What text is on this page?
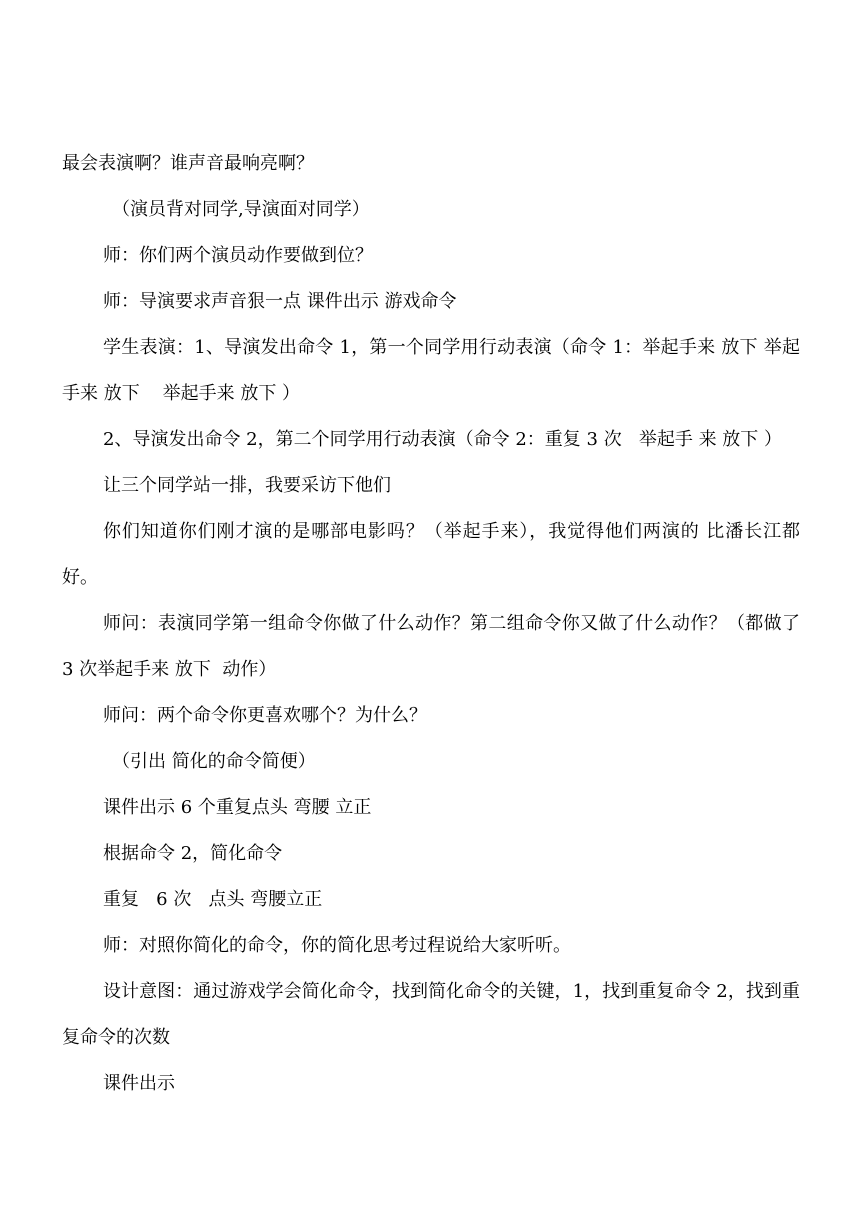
最会表演啊？谁声音最响亮啊？

（演员背对同学,导演面对同学）

师：你们两个演员动作要做到位？

师：导演要求声音狠一点 课件出示 游戏命令

学生表演：1、导演发出命令 1，第一个同学用行动表演（命令 1：举起手来 放下 举起手来 放下    举起手来 放下 ）

2、导演发出命令 2，第二个同学用行动表演（命令 2：重复 3 次   举起手 来 放下 ）

让三个同学站一排，我要采访下他们

你们知道你们刚才演的是哪部电影吗？（举起手来），我觉得他们两演的 比潘长江都好。

师问：表演同学第一组命令你做了什么动作？第二组命令你又做了什么动作？（都做了 3 次举起手来 放下  动作）

师问：两个命令你更喜欢哪个？为什么？

（引出 简化的命令简便）

课件出示 6 个重复点头 弯腰 立正

根据命令 2，简化命令

重复   6 次   点头 弯腰立正

师：对照你简化的命令，你的简化思考过程说给大家听听。

设计意图：通过游戏学会简化命令，找到简化命令的关键，1，找到重复命令 2，找到重复命令的次数

课件出示
